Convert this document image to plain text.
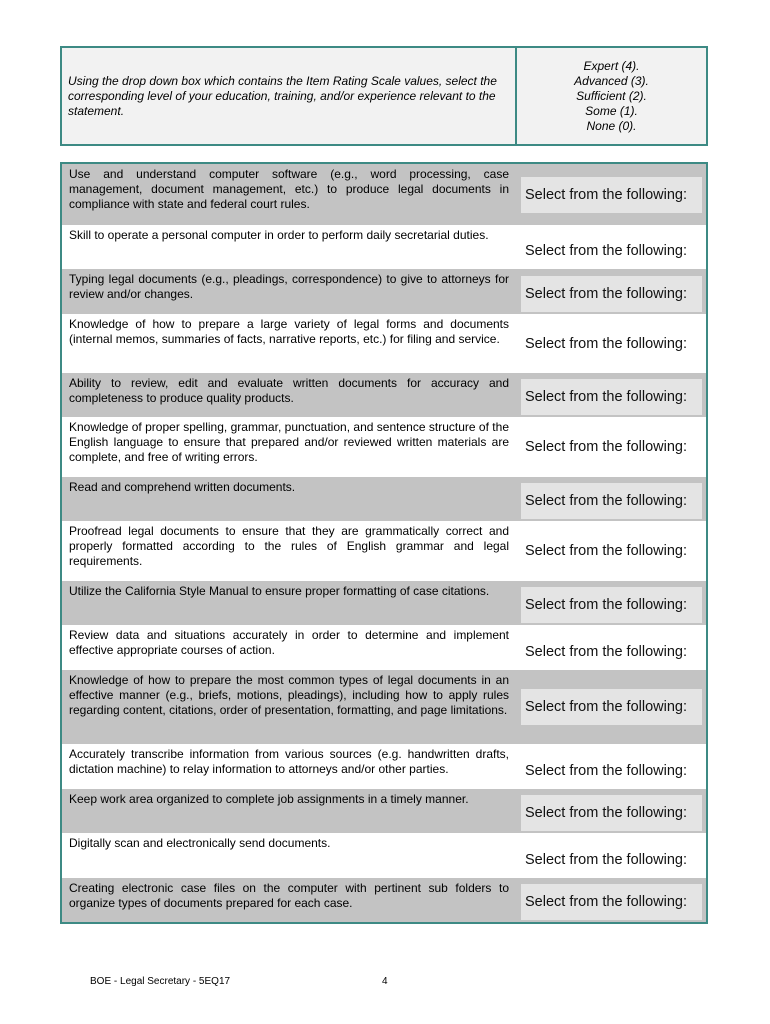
Using the drop down box which contains the Item Rating Scale values, select the corresponding level of your education, training, and/or experience relevant to the statement.
Expert (4).
Advanced (3).
Sufficient (2).
Some (1).
None (0).
Use and understand computer software (e.g., word processing, case management, document management, etc.) to produce legal documents in compliance with state and federal court rules.
Select from the following:
Skill to operate a personal computer in order to perform daily secretarial duties.
Select from the following:
Typing legal documents (e.g., pleadings, correspondence) to give to attorneys for review and/or changes.	Select from the following:
Knowledge of how to prepare a large variety of legal forms and documents (internal memos, summaries of facts, narrative reports, etc.) for filing and service.	Select from the following:
Ability to review, edit and evaluate written documents for accuracy and completeness to produce quality products.	Select from the following:
Knowledge of proper spelling, grammar, punctuation, and sentence structure of the English language to ensure that prepared and/or reviewed written materials are complete, and free of writing errors.
Select from the following:
Read and comprehend written documents.
Select from the following:
Proofread legal documents to ensure that they are grammatically correct and properly formatted according to the rules of English grammar and legal requirements.
Select from the following:
Utilize the California Style Manual to ensure proper formatting of case citations.
Select from the following:
Review data and situations accurately in order to determine and implement effective appropriate courses of action.	Select from the following:
Knowledge of how to prepare the most common types of legal documents in an effective manner (e.g., briefs, motions, pleadings), including how to apply rules regarding content, citations, order of presentation, formatting, and page limitations.	Select from the following:
Accurately transcribe information from various sources (e.g. handwritten drafts, dictation machine) to relay information to attorneys and/or other parties.	Select from the following:
Keep work area organized to complete job assignments in a timely manner.
Select from the following:
Digitally scan and electronically send documents.
Select from the following:
Creating electronic case files on the computer with pertinent sub folders to organize types of documents prepared for each case.	Select from the following:
BOE - Legal Secretary - 5EQ17	4
